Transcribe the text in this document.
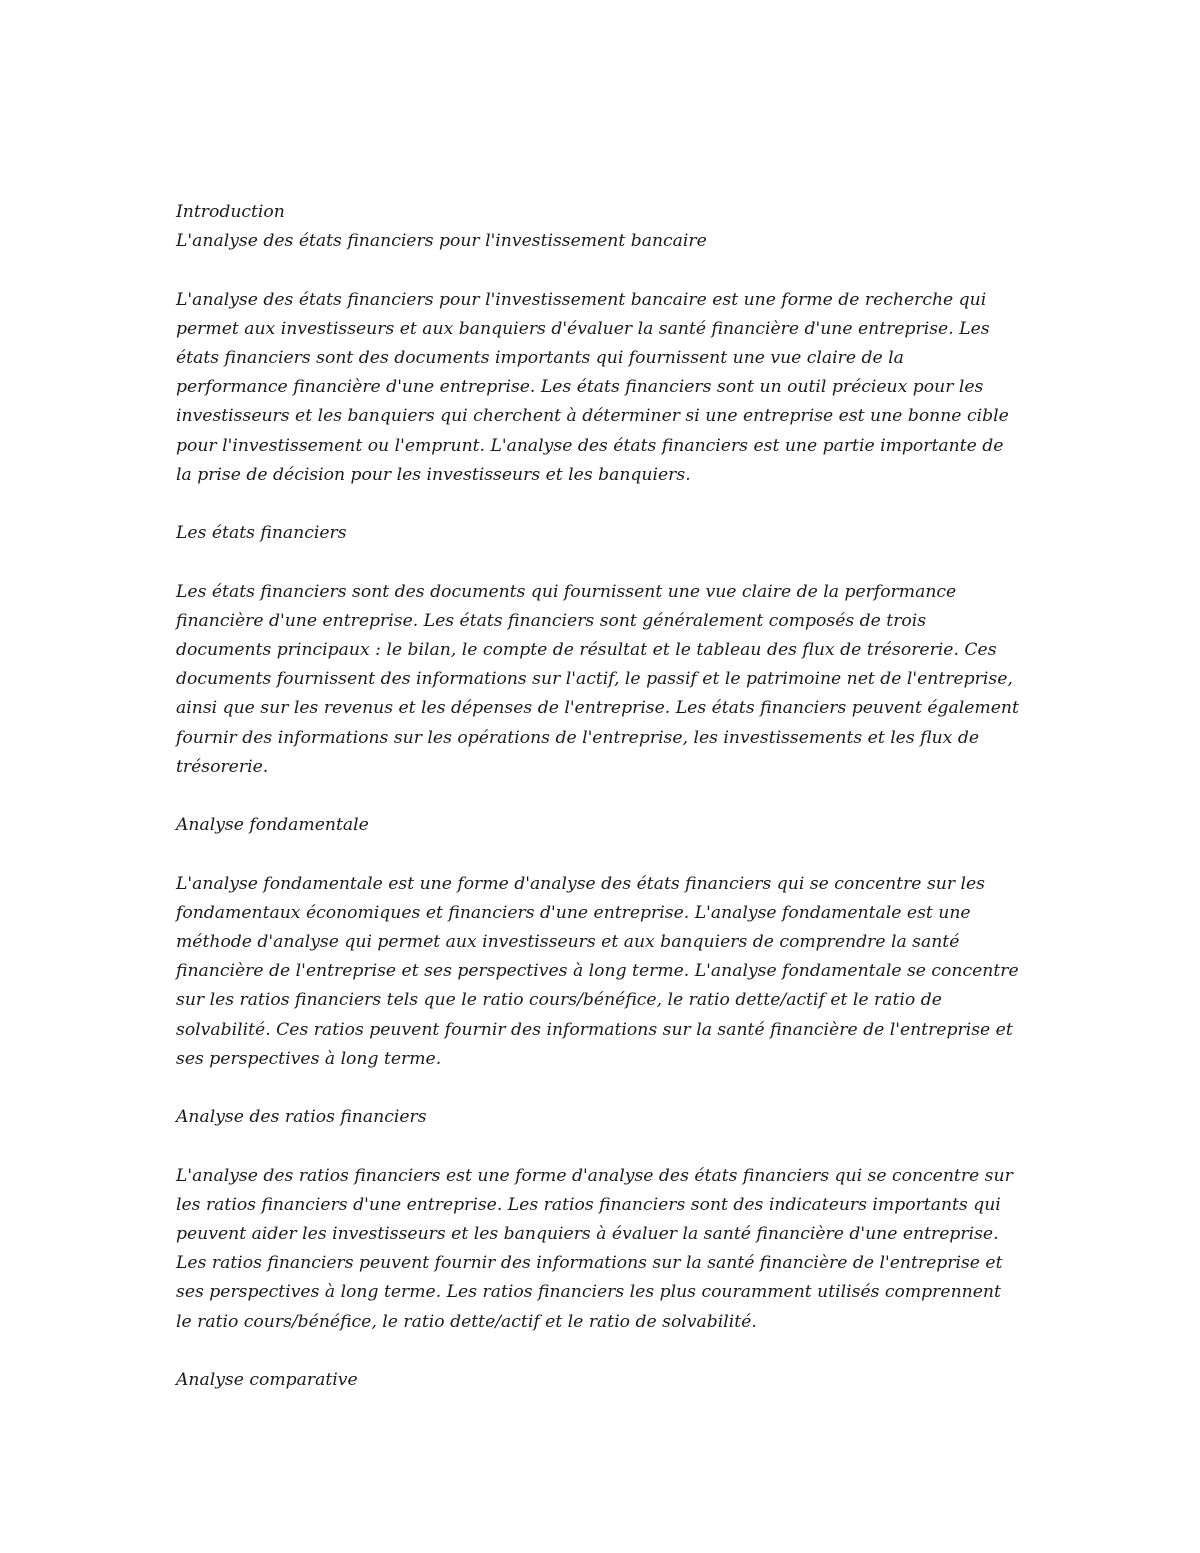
Introduction
L'analyse des états financiers pour l'investissement bancaire
L'analyse des états financiers pour l'investissement bancaire est une forme de recherche qui
permet aux investisseurs et aux banquiers d'évaluer la santé financière d'une entreprise. Les
états financiers sont des documents importants qui fournissent une vue claire de la
performance financière d'une entreprise. Les états financiers sont un outil précieux pour les
investisseurs et les banquiers qui cherchent à déterminer si une entreprise est une bonne cible
pour l'investissement ou l'emprunt. L'analyse des états financiers est une partie importante de
la prise de décision pour les investisseurs et les banquiers.
Les états financiers
Les états financiers sont des documents qui fournissent une vue claire de la performance
financière d'une entreprise. Les états financiers sont généralement composés de trois
documents principaux : le bilan, le compte de résultat et le tableau des flux de trésorerie. Ces
documents fournissent des informations sur l'actif, le passif et le patrimoine net de l'entreprise,
ainsi que sur les revenus et les dépenses de l'entreprise. Les états financiers peuvent également
fournir des informations sur les opérations de l'entreprise, les investissements et les flux de
trésorerie.
Analyse fondamentale
L'analyse fondamentale est une forme d'analyse des états financiers qui se concentre sur les
fondamentaux économiques et financiers d'une entreprise. L'analyse fondamentale est une
méthode d'analyse qui permet aux investisseurs et aux banquiers de comprendre la santé
financière de l'entreprise et ses perspectives à long terme. L'analyse fondamentale se concentre
sur les ratios financiers tels que le ratio cours/bénéfice, le ratio dette/actif et le ratio de
solvabilité. Ces ratios peuvent fournir des informations sur la santé financière de l'entreprise et
ses perspectives à long terme.
Analyse des ratios financiers
L'analyse des ratios financiers est une forme d'analyse des états financiers qui se concentre sur
les ratios financiers d'une entreprise. Les ratios financiers sont des indicateurs importants qui
peuvent aider les investisseurs et les banquiers à évaluer la santé financière d'une entreprise.
Les ratios financiers peuvent fournir des informations sur la santé financière de l'entreprise et
ses perspectives à long terme. Les ratios financiers les plus couramment utilisés comprennent
le ratio cours/bénéfice, le ratio dette/actif et le ratio de solvabilité.
Analyse comparative
